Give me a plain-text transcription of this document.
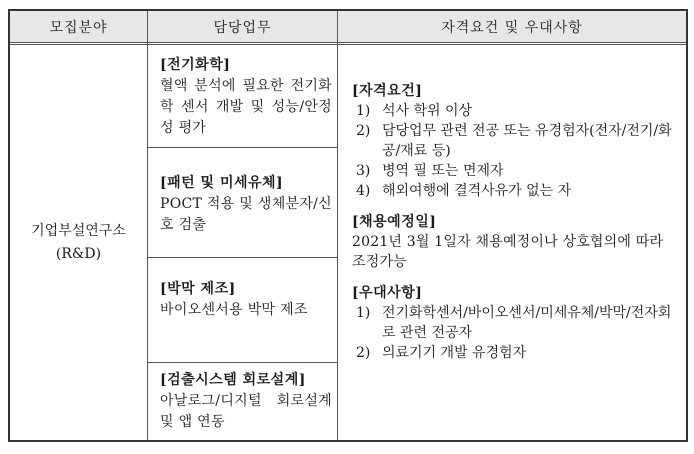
모집분야	담당업무	자격요건 및 우대사항
기업부설연구소
(R&D)
[전기화학]
혈액 분석에 필요한 전기화학 센서 개발 및 성능/안정성 평가
[패턴 및 미세유체]
POCT 적용 및 생체분자/신호 검출
[박막 제조]
바이오센서용 박막 제조
[검출시스템 회로설계]
아날로그/디지털 회로설계 및 앱 연동
[자격요건]
1) 석사 학위 이상
2) 담당업무 관련 전공 또는 유경험자(전자/전기/화공/재료 등)
3) 병역 필 또는 면제자
4) 해외여행에 결격사유가 없는 자
[채용예정일]
2021년 3월 1일자 채용예정이나 상호협의에 따라 조정가능
[우대사항]
1) 전기화학센서/바이오센서/미세유체/박막/전자회로 관련 전공자
2) 의료기기 개발 유경험자
